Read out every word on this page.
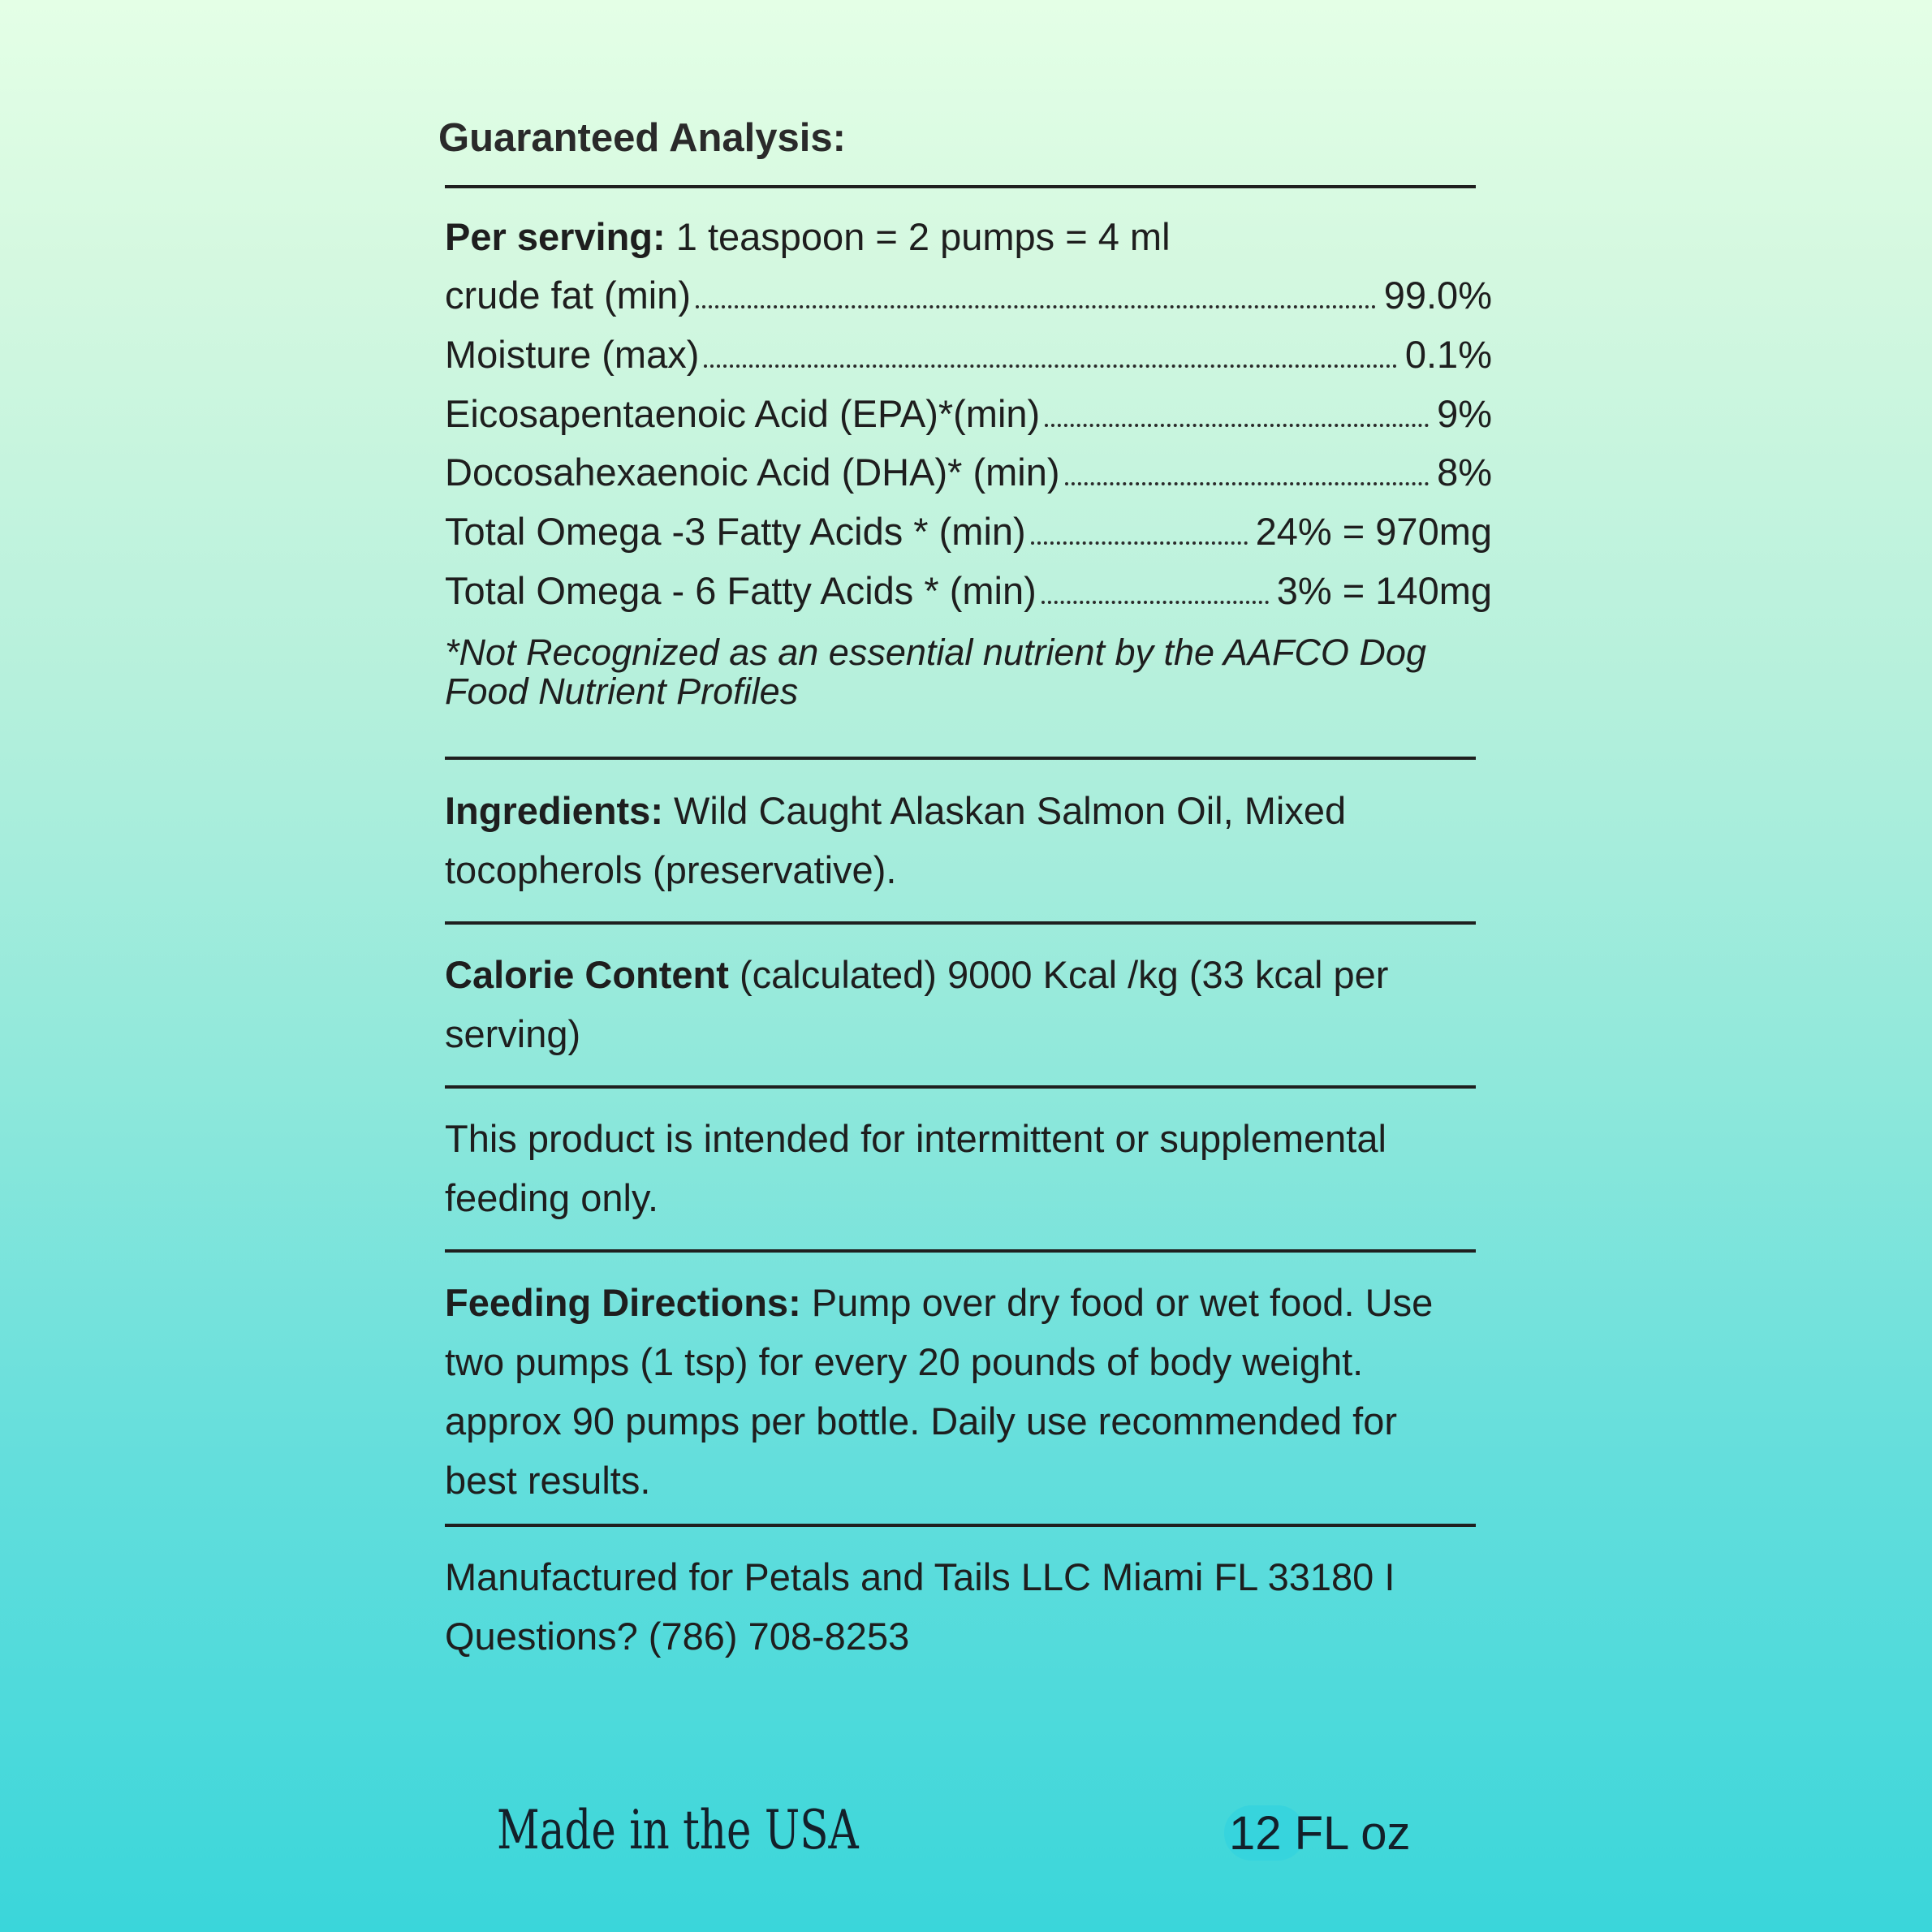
Guaranteed Analysis:
Per serving: 1 teaspoon = 2 pumps = 4 ml
crude fat (min)	99.0%
Moisture (max)	0.1%
Eicosapentaenoic Acid (EPA)*(min)	9%
Docosahexaenoic Acid (DHA)* (min)	8%
Total Omega -3 Fatty Acids * (min)	24% = 970mg
Total Omega - 6 Fatty Acids * (min)	3% = 140mg
*Not Recognized as an essential nutrient by the AAFCO Dog Food Nutrient Profiles
Ingredients: Wild Caught Alaskan Salmon Oil, Mixed tocopherols (preservative).
Calorie Content (calculated) 9000 Kcal /kg (33 kcal per serving)
This product is intended for intermittent or supplemental feeding only.
Feeding Directions: Pump over dry food or wet food. Use two pumps (1 tsp) for every 20 pounds of body weight. approx 90 pumps per bottle. Daily use recommended for best results.
Manufactured for Petals and Tails LLC Miami FL 33180 I Questions? (786) 708-8253
Made in the USA	12 FL oz
